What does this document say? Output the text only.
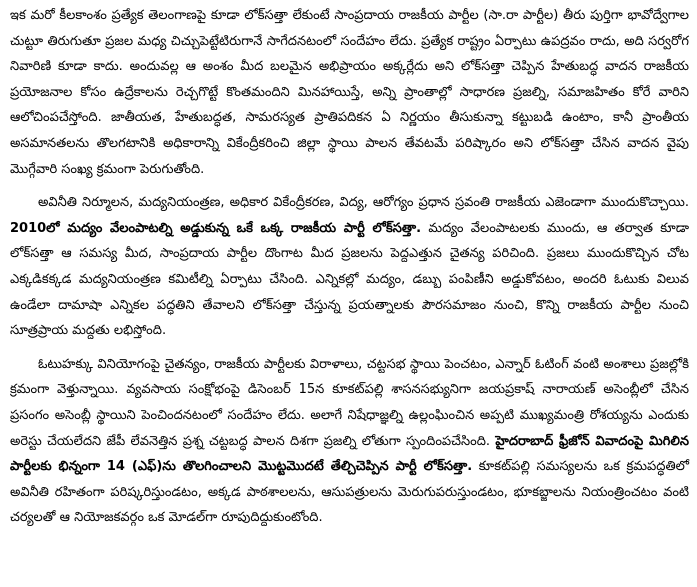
ఇక మరో కీలకాంశం ప్రత్యేక తెలంగాణపై కూడా లోక్‌సత్తా లేకుంటే సాంప్రదాయ రాజకీయ పార్టీల (సా.రా పార్టీల) తీరు పుర్తిగా భావోద్వేగాల చుట్టూ తిరుగుతూ ప్రజల మధ్య చిచ్చుపెట్టేటిరుగానే సాగేదనటంలో సందేహం లేదు. ప్రత్యేక రాష్ట్రం ఏర్పాటు ఉపద్రవం రాదు, అది సర్వరోగ నివారిణి కూడా కాదు. అందువల్ల ఆ అంశం మీద బలమైన అభిప్రాయం అక్కర్లేదు అని లోక్‌సత్తా చెప్పిన హేతుబద్ధ వాదన రాజకీయ ప్రయోజనాల కోసం ఉద్రేకాలను రెచ్చగొట్టే కొంతమందిని మినహాయిస్తే, అన్ని ప్రాంతాల్లో సాధారణ ప్రజల్ని, సమాజహితం కోరే వారిని ఆలోచింపచేస్తోంది. జాతీయత, హేతుబద్ధత, సామరస్యత ప్రాతిపదికన ఏ నిర్ణయం తీసుకున్నా కట్టుబడి ఉంటాం, కానీ ప్రాంతీయ అసమానతలను తొలగటానికి అధికారాన్ని వికేంద్రీకరించి జిల్లా స్థాయి పాలన తేవటమే పరిష్కారం అని లోక్‌సత్తా చేసిన వాదన వైపు మొగ్గేవారి సంఖ్య క్రమంగా పెరుగుతోంది.

అవినీతి నిర్మూలన, మద్యనియంత్రణ, అధికార వికేంద్రీకరణ, విద్య, ఆరోగ్యం ప్రధాన స్రవంతి రాజకీయ ఎజెండాగా ముందుకొచ్చాయి. 2010లో మద్యం వేలంపాటల్ని అడ్డుకున్న ఒకే ఒక్క రాజకీయ పార్టీ లోక్‌సత్తా. మద్యం వేలంపాటలకు ముందు, ఆ తర్వాత కూడా లోక్‌సత్తా ఆ సమస్య మీద, సాంప్రదాయ పార్టీల దొంగాట మీద ప్రజలను పెద్దఎత్తున చైతన్య పరిచింది. ప్రజలు ముందుకొచ్చిన చోట ఎక్కడికక్కడ మద్యనియంత్రణ కమిటీల్ని ఏర్పాటు చేసింది. ఎన్నికల్లో మద్యం, డబ్బు పంపిణీని అడ్డుకోవటం, అందరి ఓటుకు విలువ ఉండేలా దామాషా ఎన్నికల పద్ధతిని తేవాలని లోక్‌సత్తా చేస్తున్న ప్రయత్నాలకు పౌరసమాజం నుంచి, కొన్ని రాజకీయ పార్టీల నుంచి సూత్రప్రాయ మద్దతు లభిస్తోంది.

ఓటుహక్కు వినియోగంపై చైతన్యం, రాజకీయ పార్టీలకు విరాళాలు, చట్టసభ స్థాయి పెంచటం, ఎన్నార్ ఓటింగ్ వంటి అంశాలు ప్రజల్లోకి క్రమంగా వెళ్తున్నాయి. వ్యవసాయ సంక్షోభంపై డిసెంబర్ 15న కూకట్‌పల్లి శాసనసభ్యునిగా జయప్రకాష్ నారాయణ్ అసెంబ్లీలో చేసిన ప్రసంగం అసెంబ్లీ స్థాయిని పెంచిందనటంలో సందేహం లేదు. అలాగే నిషేధాజ్ఞల్ని ఉల్లంఘించిన అప్పటి ముఖ్యమంత్రి రోశయ్యను ఎందుకు అరెస్టు చేయలేదని జేపీ లేవనెత్తిన ప్రశ్న చట్టబద్ధ పాలన దిశగా ప్రజల్ని లోతుగా స్పందింపచేసింది. హైదరాబాద్ ఫ్రీజోన్ వివాదంపై మిగిలిన పార్టీలకు భిన్నంగా 14 (ఎఫ్)ను తొలగించాలని మొట్టమొదటే తేల్చిచెప్పిన పార్టీ లోక్‌సత్తా. కూకట్‌పల్లి సమస్యలను ఒక క్రమపద్ధతిలో అవినీతి రహితంగా పరిష్కరిస్తుండటం, అక్కడ పాఠశాలలను, ఆసుపత్రులను మెరుగుపరుస్తుండటం, భూకబ్జాలను నియంత్రించటం వంటి చర్యలతో ఆ నియోజకవర్గం ఒక మోడల్‌గా రూపుదిద్దుకుంటోంది.
